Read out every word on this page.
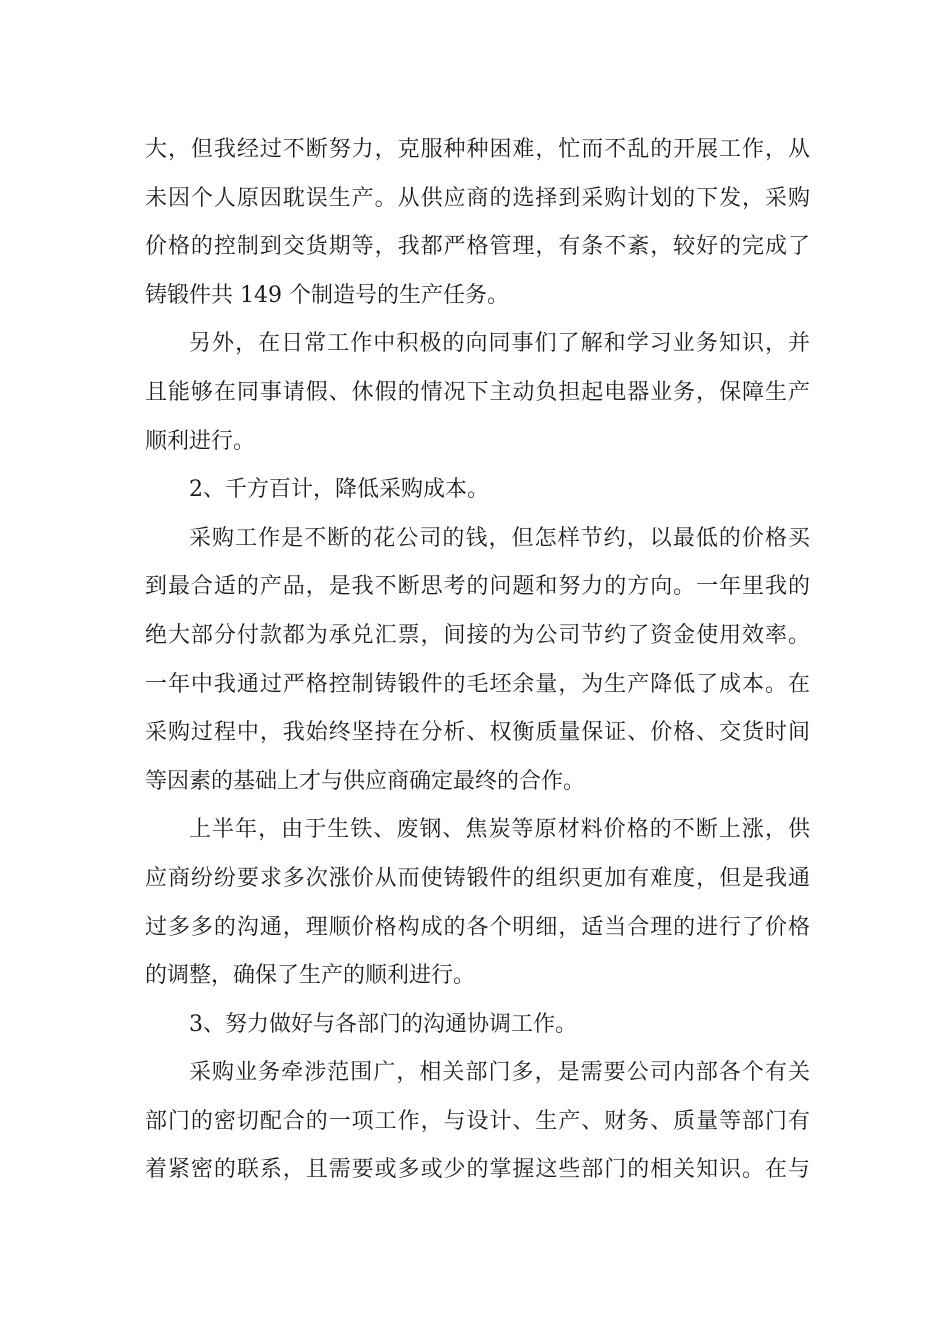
大，但我经过不断努力，克服种种困难，忙而不乱的开展工作，从
未因个人原因耽误生产。从供应商的选择到采购计划的下发，采购
价格的控制到交货期等，我都严格管理，有条不紊，较好的完成了
铸锻件共 149 个制造号的生产任务。
另外，在日常工作中积极的向同事们了解和学习业务知识，并
且能够在同事请假、休假的情况下主动负担起电器业务，保障生产
顺利进行。
2、千方百计，降低采购成本。
采购工作是不断的花公司的钱，但怎样节约，以最低的价格买
到最合适的产品，是我不断思考的问题和努力的方向。一年里我的
绝大部分付款都为承兑汇票，间接的为公司节约了资金使用效率。
一年中我通过严格控制铸锻件的毛坯余量，为生产降低了成本。在
采购过程中，我始终坚持在分析、权衡质量保证、价格、交货时间
等因素的基础上才与供应商确定最终的合作。
上半年，由于生铁、废钢、焦炭等原材料价格的不断上涨，供
应商纷纷要求多次涨价从而使铸锻件的组织更加有难度，但是我通
过多多的沟通，理顺价格构成的各个明细，适当合理的进行了价格
的调整，确保了生产的顺利进行。
3、努力做好与各部门的沟通协调工作。
采购业务牵涉范围广，相关部门多，是需要公司内部各个有关
部门的密切配合的一项工作，与设计、生产、财务、质量等部门有
着紧密的联系，且需要或多或少的掌握这些部门的相关知识。在与
